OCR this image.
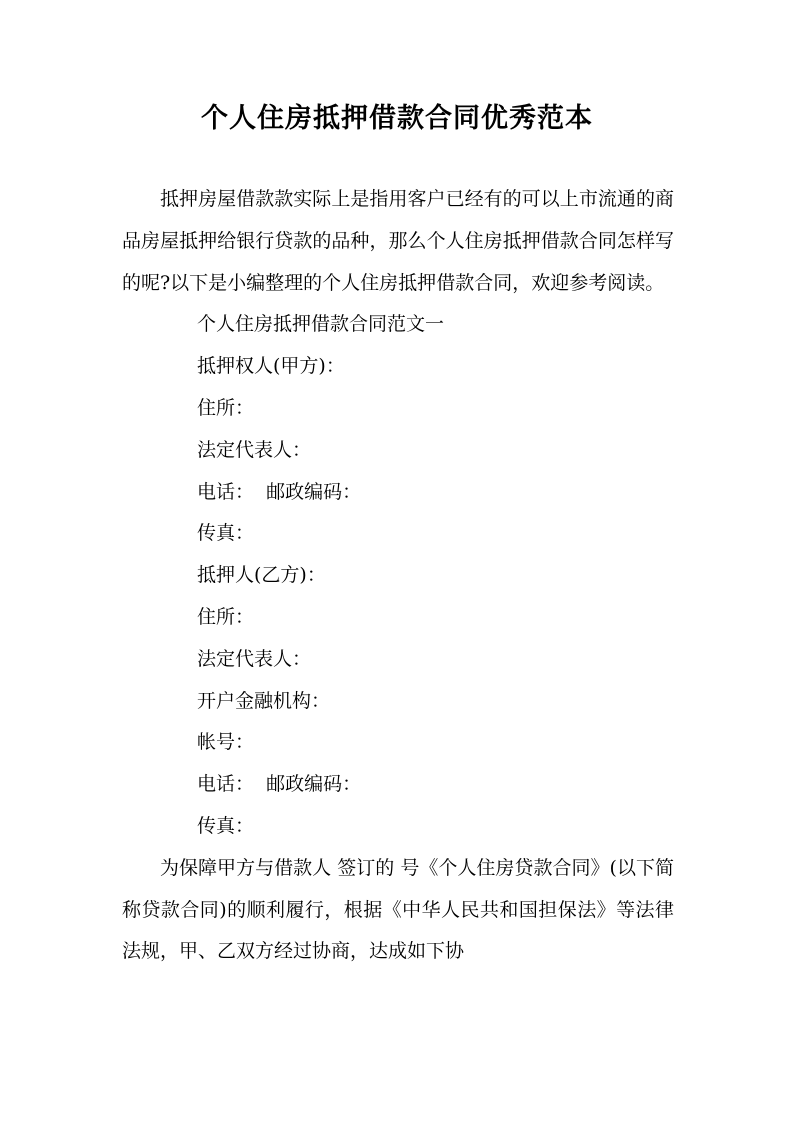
个人住房抵押借款合同优秀范本

抵押房屋借款款实际上是指用客户已经有的可以上市流通的商品房屋抵押给银行贷款的品种，那么个人住房抵押借款合同怎样写的呢?以下是小编整理的个人住房抵押借款合同，欢迎参考阅读。

个人住房抵押借款合同范文一

抵押权人(甲方)：

住所：

法定代表人：

电话：  邮政编码：

传真：

抵押人(乙方)：

住所：

法定代表人：

开户金融机构：

帐号：

电话：  邮政编码：

传真：

为保障甲方与借款人 签订的 号《个人住房贷款合同》(以下简称贷款合同)的顺利履行，根据《中华人民共和国担保法》等法律法规，甲、乙双方经过协商，达成如下协
